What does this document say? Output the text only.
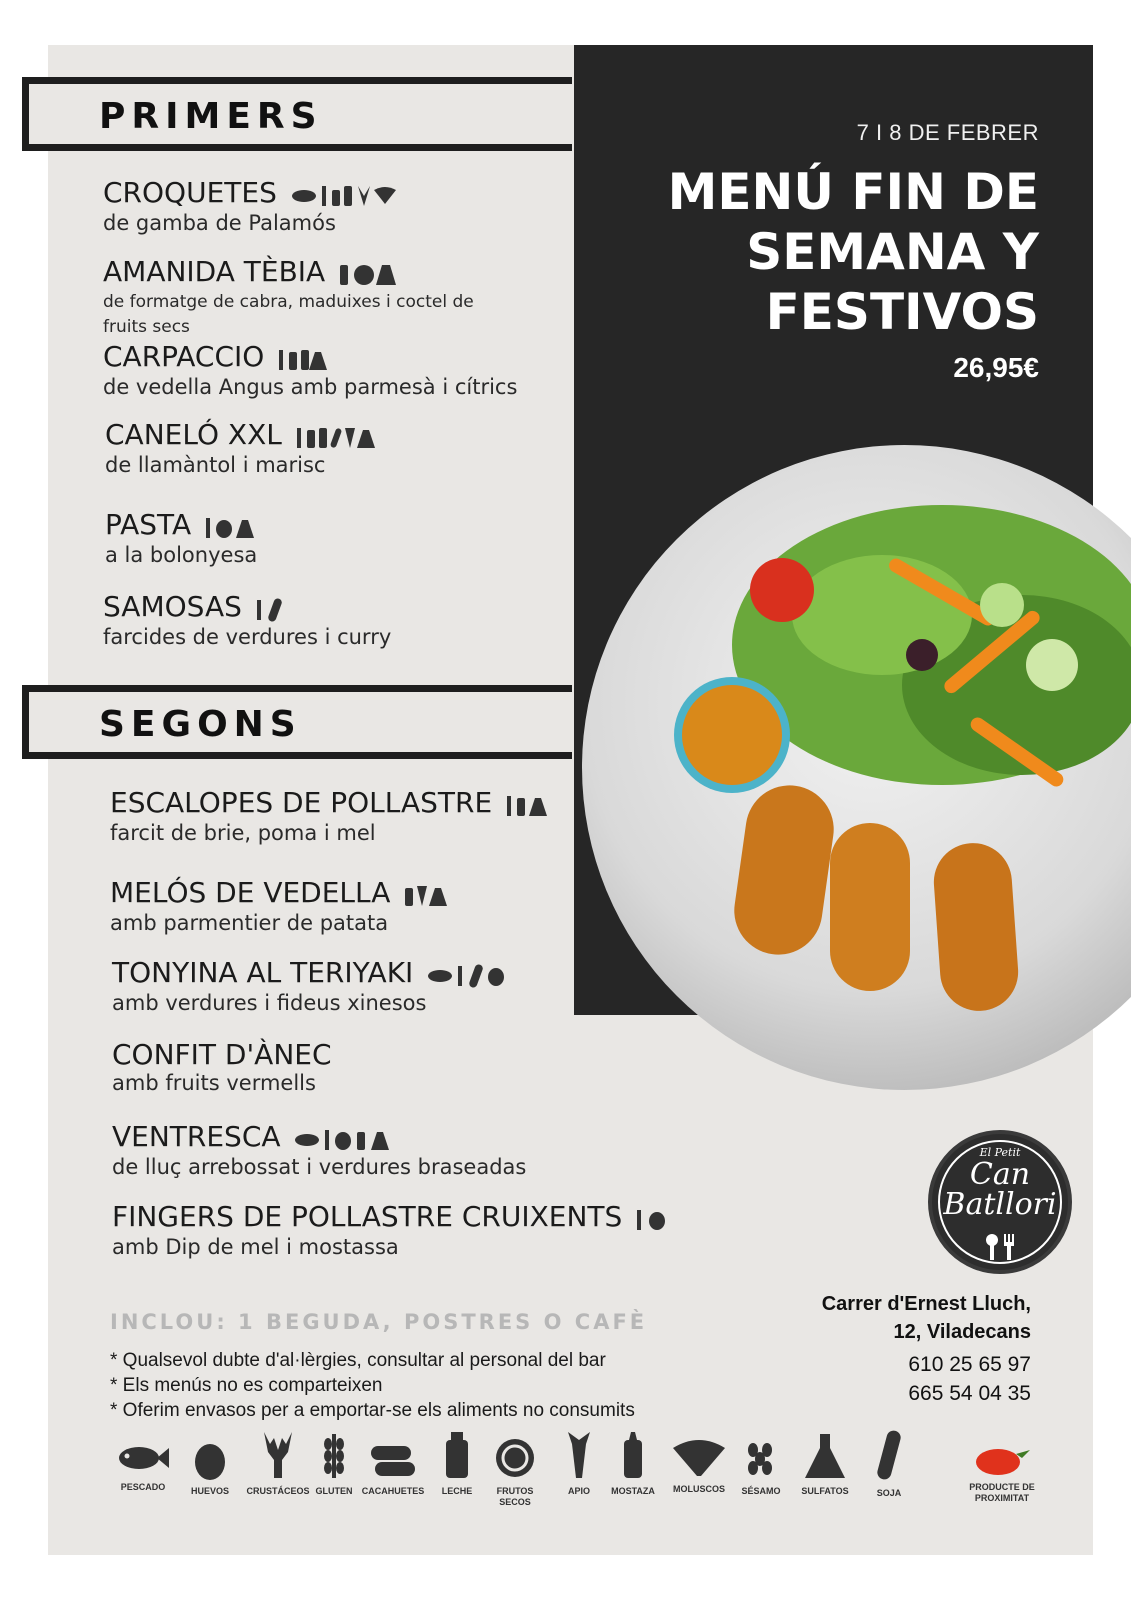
7 I 8 DE FEBRER
MENÚ FIN DE
SEMANA Y
FESTIVOS
26,95€
PRIMERS
CROQUETES
de gamba de Palamós
AMANIDA TÈBIA
de formatge de cabra, maduixes i coctel de fruits secs
CARPACCIO
de vedella Angus amb parmesà i cítrics
CANELÓ XXL
de llamàntol i marisc
PASTA
a la bolonyesa
SAMOSAS
farcides de verdures i curry
SEGONS
ESCALOPES DE POLLASTRE
farcit de brie, poma i mel
MELÓS DE VEDELLA
amb parmentier de patata
TONYINA AL TERIYAKI
amb verdures i fideus xinesos
CONFIT D'ÀNEC
amb fruits vermells
VENTRESCA
de lluç arrebossat i verdures braseadas
FINGERS DE POLLASTRE CRUIXENTS
amb Dip de mel i mostassa
INCLOU: 1 BEGUDA, POSTRES O CAFÈ
* Qualsevol dubte d'al·lèrgies, consultar al personal del bar
* Els menús no es comparteixen
* Oferim envasos per a emportar-se els aliments no consumits
El Petit
Can
Batllori
Carrer d'Ernest Lluch,
12, Viladecans
610 25 65 97
665 54 04 35
PESCADO	HUEVOS	CRUSTÁCEOS GLUTEN	CACAHUETES	LECHE	FRUTOS SECOS
APIO	MOSTAZA	MOLUSCOS	SÉSAMO	SULFATOS	SOJA
PRODUCTE DE PROXIMITAT
